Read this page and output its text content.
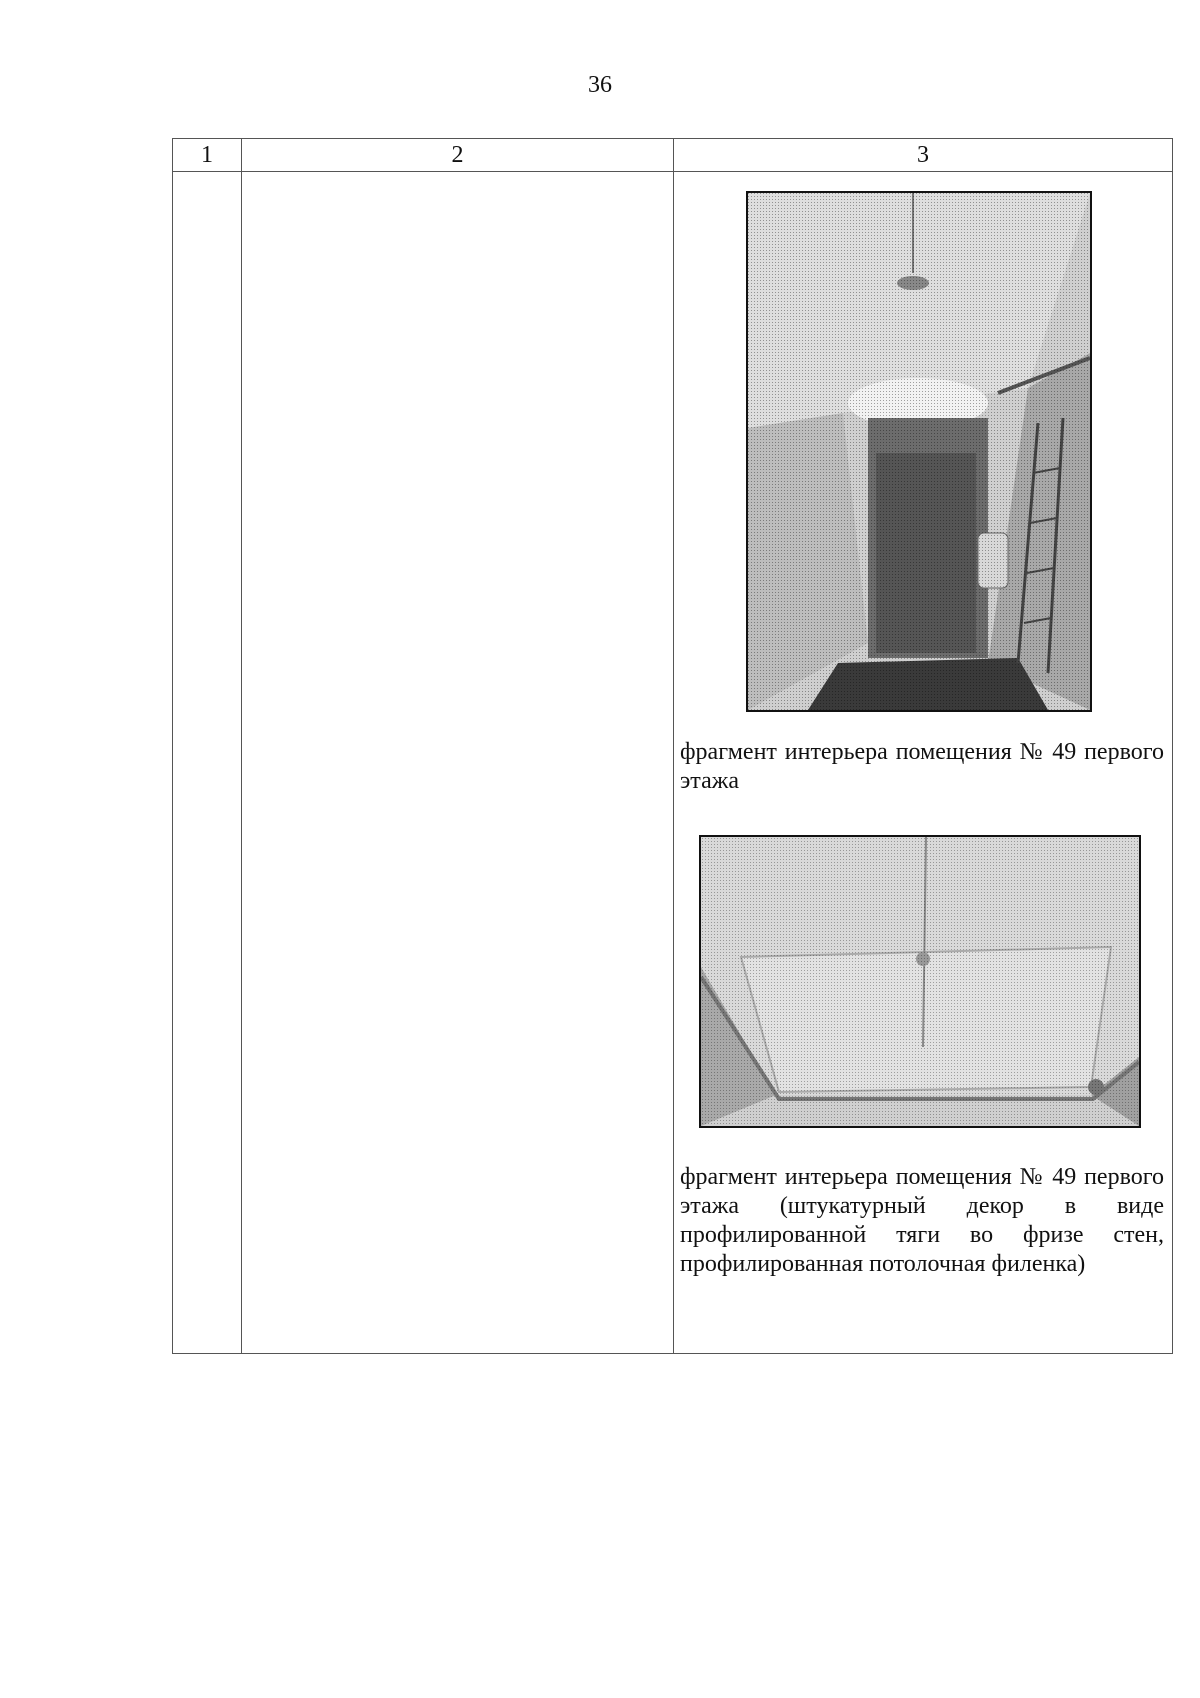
36
1	2	3

		фрагмент интерьера помещения № 49 первого этажа
фрагмент интерьера помещения № 49 первого этажа (штукатурный декор в виде профилированной тяги во фризе стен, профилированная потолочная филенка)
